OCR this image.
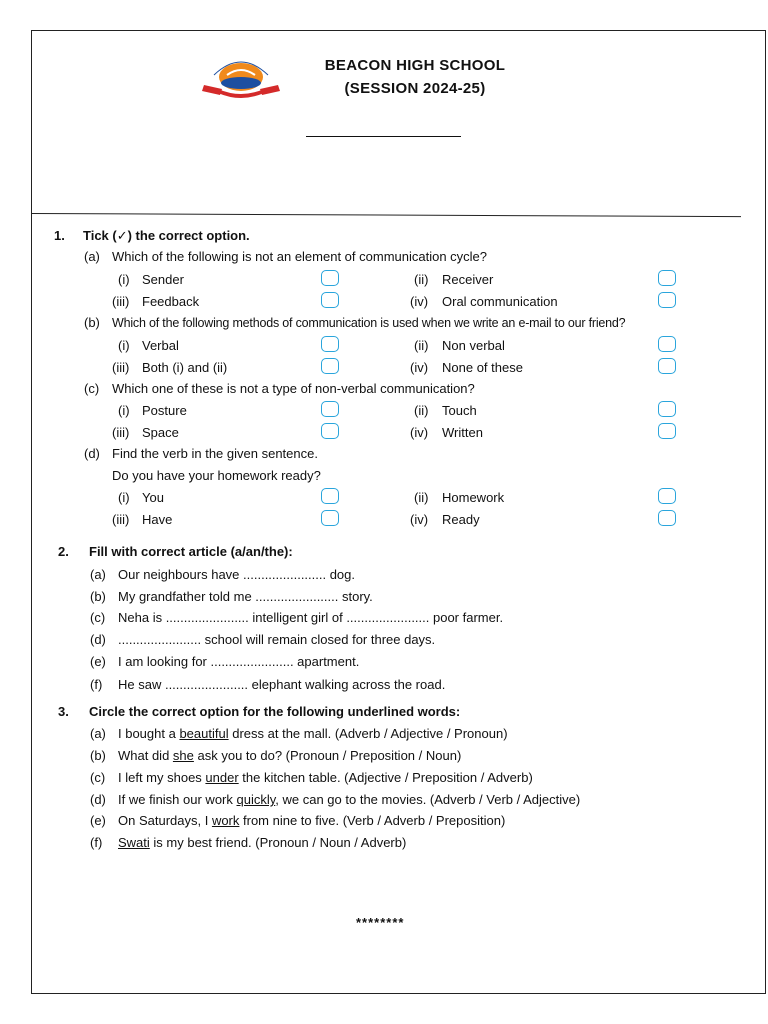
BEACON HIGH SCHOOL
(SESSION 2024-25)
1. Tick (✓) the correct option.
(a) Which of the following is not an element of communication cycle?
(i) Sender	(ii) Receiver
(iii) Feedback	(iv) Oral communication
(b) Which of the following methods of communication is used when we write an e-mail to our friend?
(i) Verbal	(ii) Non verbal
(iii) Both (i) and (ii)	(iv) None of these
(c) Which one of these is not a type of non-verbal communication?
(i) Posture	(ii) Touch
(iii) Space	(iv) Written
(d) Find the verb in the given sentence.
Do you have your homework ready?
(i) You	(ii) Homework
(iii) Have	(iv) Ready
2. Fill with correct article (a/an/the):
(a) Our neighbours have ....................... dog.
(b) My grandfather told me ....................... story.
(c) Neha is ....................... intelligent girl of ....................... poor farmer.
(d) ....................... school will remain closed for three days.
(e) I am looking for ....................... apartment.
(f) He saw ....................... elephant walking across the road.
3. Circle the correct option for the following underlined words:
(a) I bought a beautiful dress at the mall. (Adverb / Adjective / Pronoun)
(b) What did she ask you to do? (Pronoun / Preposition / Noun)
(c) I left my shoes under the kitchen table. (Adjective / Preposition / Adverb)
(d) If we finish our work quickly, we can go to the movies. (Adverb / Verb / Adjective)
(e) On Saturdays, I work from nine to five. (Verb / Adverb / Preposition)
(f) Swati is my best friend. (Pronoun / Noun / Adverb)
********
